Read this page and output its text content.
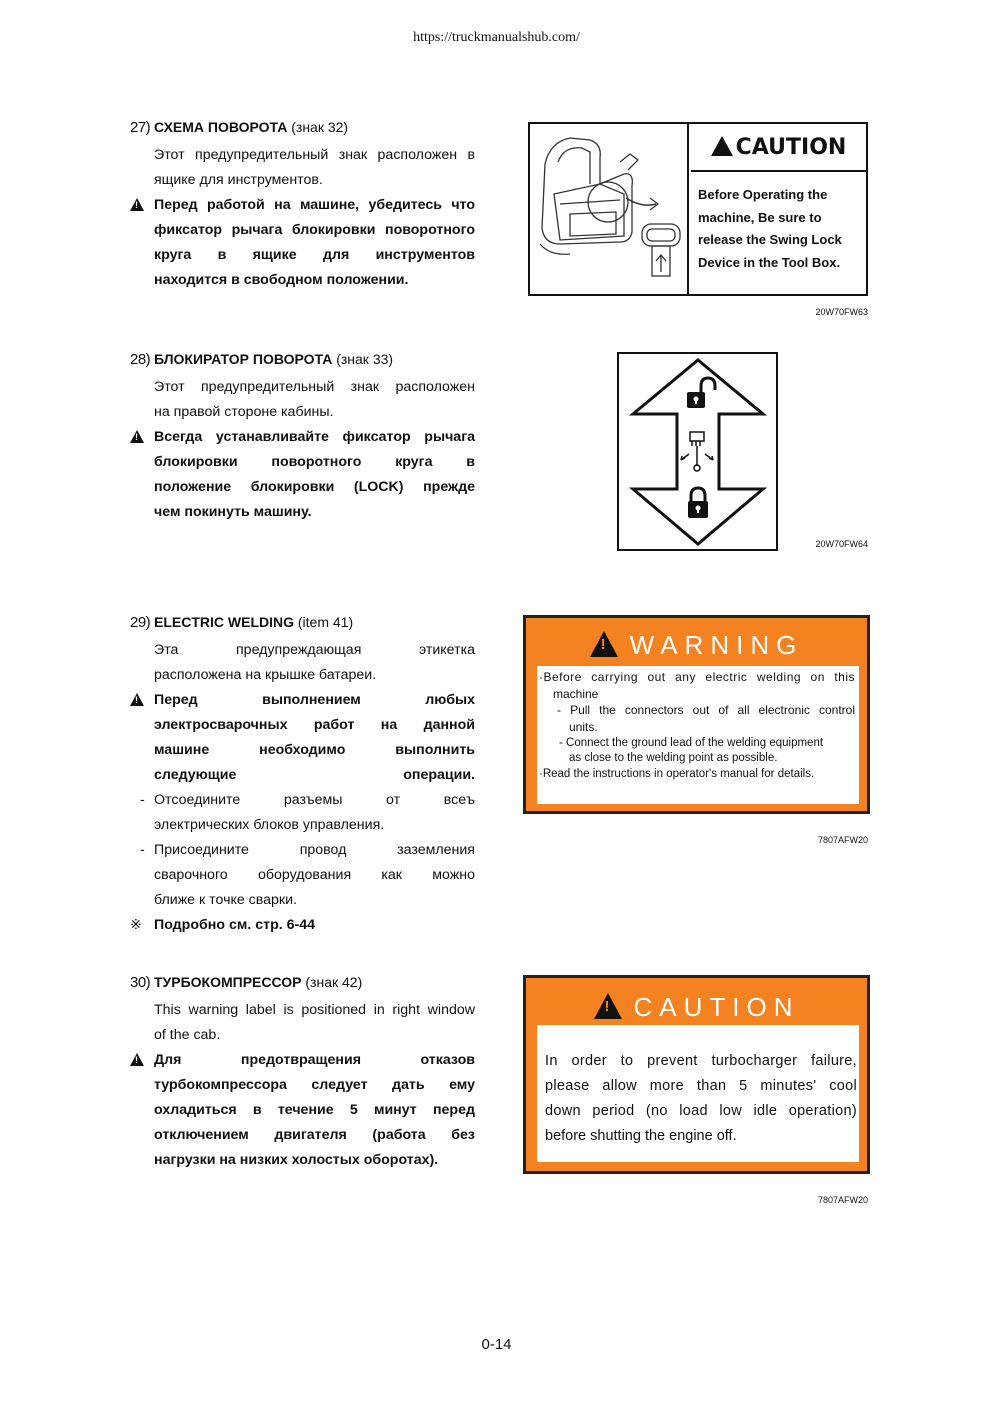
https://truckmanualshub.com/
27) СХЕМА ПОВОРОТА (знак 32)
Этот предупредительный знак расположен в
ящике для инструментов.
!
Перед работой на машине, убедитесь что
фиксатор рычага блокировки поворотного
круга в ящике для инструментов
находится в свободном положении.
CAUTION
Before Operating the
machine, Be sure to
release the Swing Lock
Device in the Tool Box.
20W70FW63
28) БЛОКИРАТОР ПОВОРОТА (знак 33)
Этот предупредительный знак расположен
на правой стороне кабины.
!
Всегда устанавливайте фиксатор рычага
блокировки поворотного круга в
положение блокировки (LOCK) прежде
чем покинуть машину.
20W70FW64
29) ELECTRIC WELDING (item 41)
Эта предупреждающая этикетка
расположена на крышке батареи.
!
Перед выполнением любых
электросварочных работ на данной
машине необходимо выполнить
следующие операции.
- Отсоедините разъемы от всеъ
электрических блоков управления.
- Присоедините провод заземления
сварочного оборудования как можно
ближе к точке сварки.
※ Подробно см. стр. 6-44
!WARNING
·Before carrying out any electric welding on this
machine
- Pull the connectors out of all electronic control
units.
- Connect the ground lead of the welding equipment
as close to the welding point as possible.
·Read the instructions in operator's manual for details.
7807AFW20
30) ТУРБОКОМПРЕССОР (знак 42)
This warning label is positioned in right window
of the cab.
!
Для предотвращения отказов
турбокомпрессора следует дать ему
охладиться в течение 5 минут перед
отключением двигателя (работа без
нагрузки на низких холостых оборотах).
!CAUTION
In order to prevent turbocharger failure,
please allow more than 5 minutes' cool
down period (no load low idle operation)
before shutting the engine off.
7807AFW20
0-14
